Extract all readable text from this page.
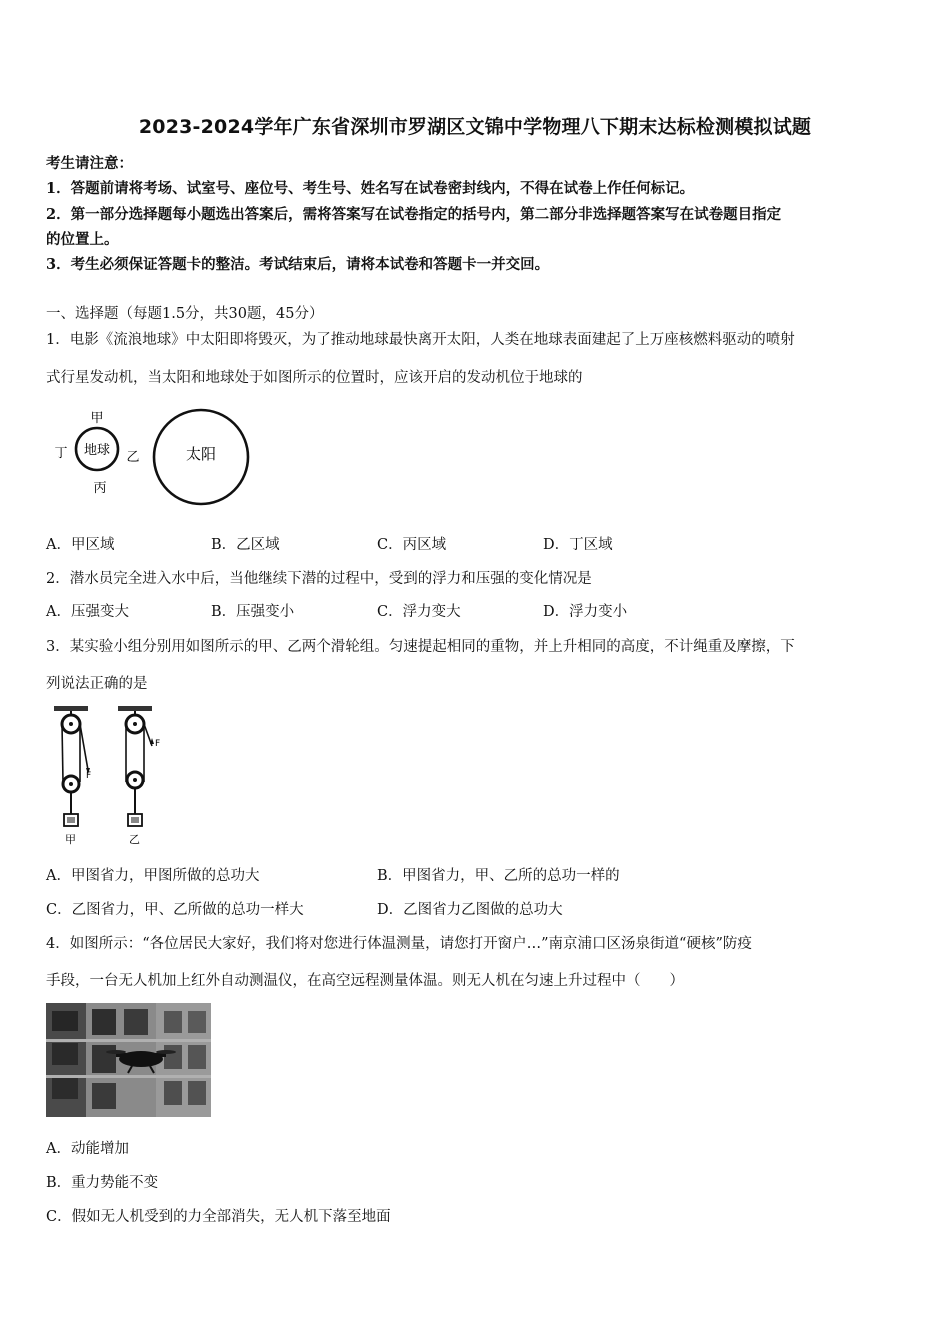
2023-2024学年广东省深圳市罗湖区文锦中学物理八下期末达标检测模拟试题
考生请注意：
1．答题前请将考场、试室号、座位号、考生号、姓名写在试卷密封线内，不得在试卷上作任何标记。
2．第一部分选择题每小题选出答案后，需将答案写在试卷指定的括号内，第二部分非选择题答案写在试卷题目指定
的位置上。
3．考生必须保证答题卡的整洁。考试结束后，请将本试卷和答题卡一并交回。
一、选择题（每题1.5分，共30题，45分）
1．电影《流浪地球》中太阳即将毁灭，为了推动地球最快离开太阳，人类在地球表面建起了上万座核燃料驱动的喷射
式行星发动机，当太阳和地球处于如图所示的位置时，应该开启的发动机位于地球的
地球
甲
丁	乙
丙
太阳
A．甲区域	B．乙区域	C．丙区域	D．丁区域
2．潜水员完全进入水中后，当他继续下潜的过程中，受到的浮力和压强的变化情况是
A．压强变大	B．压强变小	C．浮力变大	D．浮力变小
3．某实验小组分别用如图所示的甲、乙两个滑轮组。匀速提起相同的重物，并上升相同的高度，不计绳重及摩擦，下
列说法正确的是
F
甲
F
乙
A．甲图省力，甲图所做的总功大	B．甲图省力，甲、乙所的总功一样的
C．乙图省力，甲、乙所做的总功一样大	D．乙图省力乙图做的总功大
4．如图所示：“各位居民大家好，我们将对您进行体温测量，请您打开窗户…”南京浦口区汤泉街道“硬核”防疫
手段，一台无人机加上红外自动测温仪，在高空远程测量体温。则无人机在匀速上升过程中（　　）
A．动能增加
B．重力势能不变
C．假如无人机受到的力全部消失，无人机下落至地面
